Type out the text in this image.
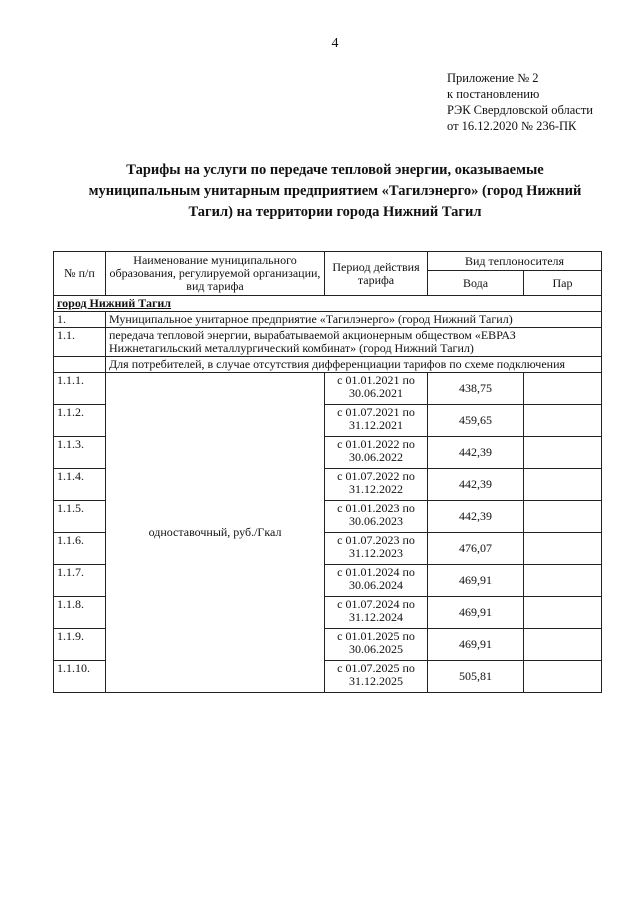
4
Приложение № 2
к постановлению
РЭК Свердловской области
от 16.12.2020 № 236-ПК
Тарифы на услуги по передаче тепловой энергии, оказываемые муниципальным унитарным предприятием «Тагилэнерго» (город Нижний Тагил) на территории города Нижний Тагил
№ п/п	Наименование муниципального образования, регулируемой организации, вид тарифа	Период действия тарифа	Вид теплоносителя	
			Вода	Пар
город Нижний Тагил				
1.	Муниципальное унитарное предприятие «Тагилэнерго» (город Нижний Тагил)			
1.1.	передача тепловой энергии, вырабатываемой акционерным обществом «ЕВРАЗ Нижнетагильский металлургический комбинат» (город Нижний Тагил)			
	Для потребителей, в случае отсутствия дифференциации тарифов по схеме подключения			
1.1.1.	одноставочный, руб./Гкал	с 01.01.2021 по
30.06.2021	438,75	
1.1.2.		с 01.07.2021 по
31.12.2021	459,65	
1.1.3.		с 01.01.2022 по
30.06.2022	442,39	
1.1.4.		с 01.07.2022 по
31.12.2022	442,39	
1.1.5.		с 01.01.2023 по
30.06.2023	442,39	
1.1.6.		с 01.07.2023 по
31.12.2023	476,07	
1.1.7.		с 01.01.2024 по
30.06.2024	469,91	
1.1.8.		с 01.07.2024 по
31.12.2024	469,91	
1.1.9.		с 01.01.2025 по
30.06.2025	469,91	
1.1.10.		с 01.07.2025 по
31.12.2025	505,81	
